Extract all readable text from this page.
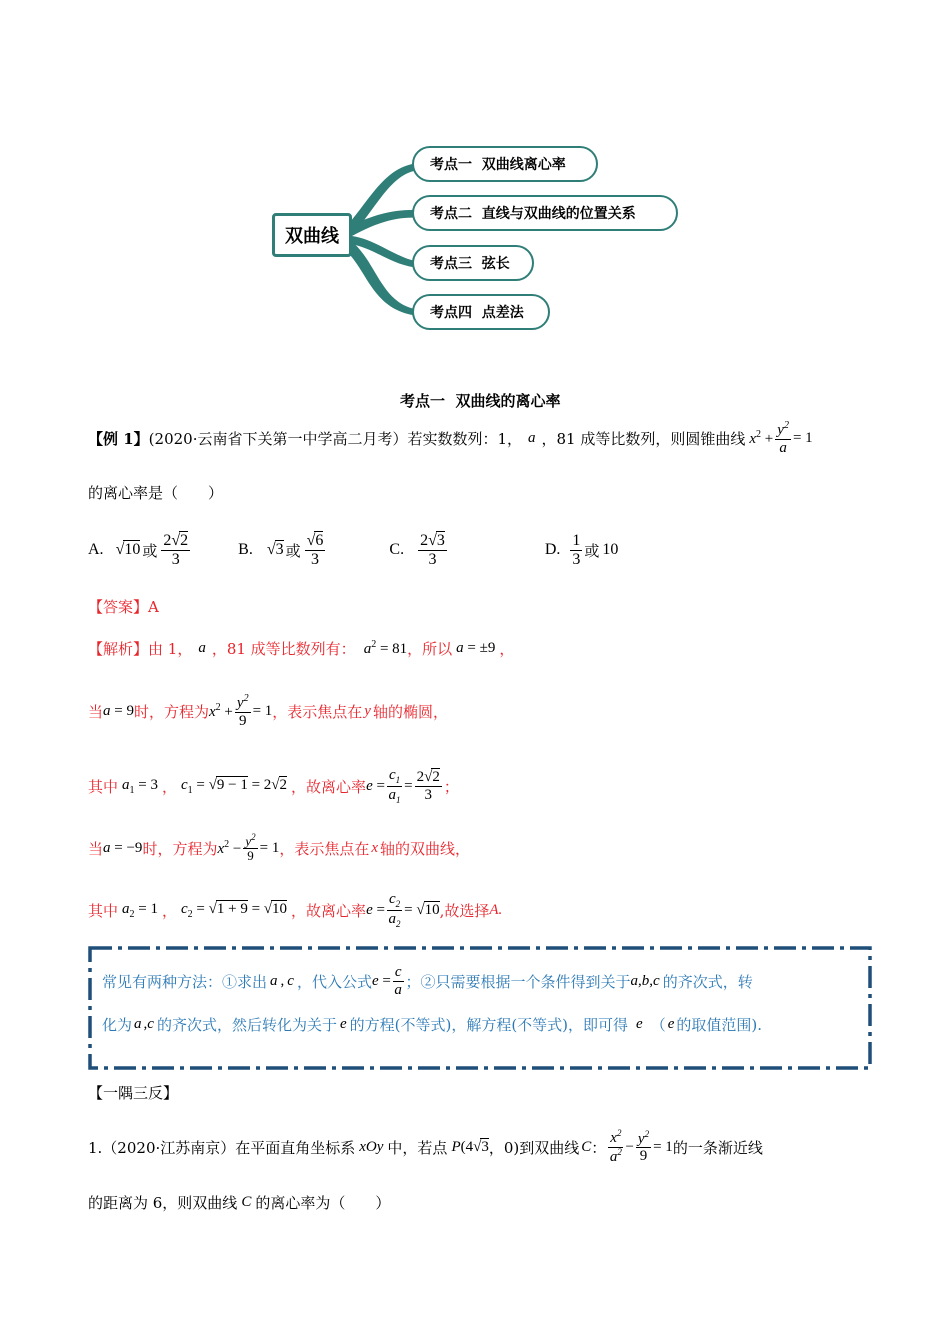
双曲线
考点一  双曲线离心率
考点二  直线与双曲线的位置关系
考点三  弦长
考点四  点差法

考点一  双曲线的离心率

【例 1】 (2020·云南省下关第一中学高二月考）若实数数列：1， a ，81 成等比数列，则圆锥曲线 $x^2 + \frac{y^2}{a} = 1$
的离心率是（　　）
A. √10 或 $\frac{2√2}{3}$	B. √3 或 $\frac{√6}{3}$	C. $\frac{2√3}{3}$	D. $\frac{1}{3}$ 或 10
【答案】 A
【解析】 由 1， a ，81 成等比数列有： $a^2 = 81$ ，所以 a = ±9 ，
当 a = 9 时，方程为 $x^2 + \frac{y^2}{9} = 1$ ，表示焦点在 y 轴的椭圆，
其中 $a_1 = 3$ ， $c_1 = √9 - 1 = 2√2$ ，故离心率 $e = \frac{c_1}{a_1} = \frac{2√2}{3}$ ；
当 a = −9 时，方程为 $x^2 - \frac{y^2}{9} = 1$ ，表示焦点在 x 轴的双曲线，
其中 $a_2 = 1$ ， $c_2 = √1 + 9 = √10$ ，故离心率 $e = \frac{c_2}{a_2} = √10$ ,故选择 A.
常见有两种方法：①求出 a , c ，代入公式 $e = \frac{c}{a}$ ；②只需要根据一个条件得到关于 a , b , c 的齐次式，转
化为 a , c 的齐次式，然后转化为关于 e 的方程(不等式)，解方程(不等式)，即可得 e （ e 的取值范围).
【一隅三反】
1.（2020·江苏南京）在平面直角坐标系 xOy 中，若点 P (4√3 ，0)到双曲线 C ： $\frac{x^2}{a^2} - \frac{y^2}{9} = 1$ 的一条渐近线
的距离为 6，则双曲线 C 的离心率为（　　）
